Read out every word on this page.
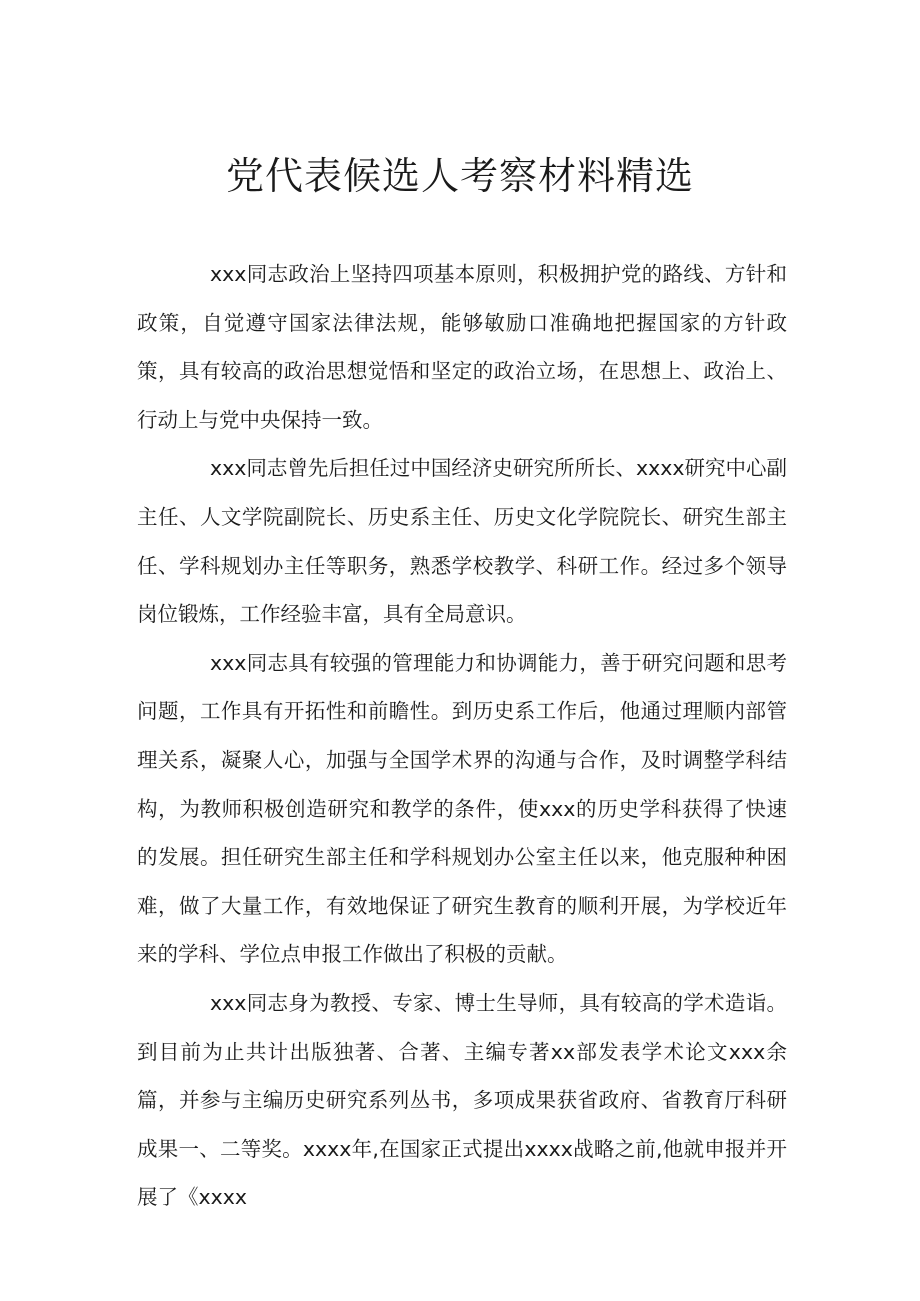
党代表候选人考察材料精选

xxx同志政治上坚持四项基本原则，积极拥护党的路线、方针和政策，自觉遵守国家法律法规，能够敏励口准确地把握国家的方针政策，具有较高的政治思想觉悟和坚定的政治立场，在思想上、政治上、行动上与党中央保持一致。

xxx同志曾先后担任过中国经济史研究所所长、xxxx研究中心副主任、人文学院副院长、历史系主任、历史文化学院院长、研究生部主任、学科规划办主任等职务，熟悉学校教学、科研工作。经过多个领导岗位锻炼，工作经验丰富，具有全局意识。

xxx同志具有较强的管理能力和协调能力，善于研究问题和思考问题，工作具有开拓性和前瞻性。到历史系工作后，他通过理顺内部管理关系，凝聚人心，加强与全国学术界的沟通与合作，及时调整学科结构，为教师积极创造研究和教学的条件，使xxx的历史学科获得了快速的发展。担任研究生部主任和学科规划办公室主任以来，他克服种种困难，做了大量工作，有效地保证了研究生教育的顺利开展，为学校近年来的学科、学位点申报工作做出了积极的贡献。

xxx同志身为教授、专家、博士生导师，具有较高的学术造诣。到目前为止共计出版独著、合著、主编专著xx部发表学术论文xxx余篇，并参与主编历史研究系列丛书，多项成果获省政府、省教育厅科研成果一、二等奖。xxxx年,在国家正式提出xxxx战略之前,他就申报并开展了《xxxx
